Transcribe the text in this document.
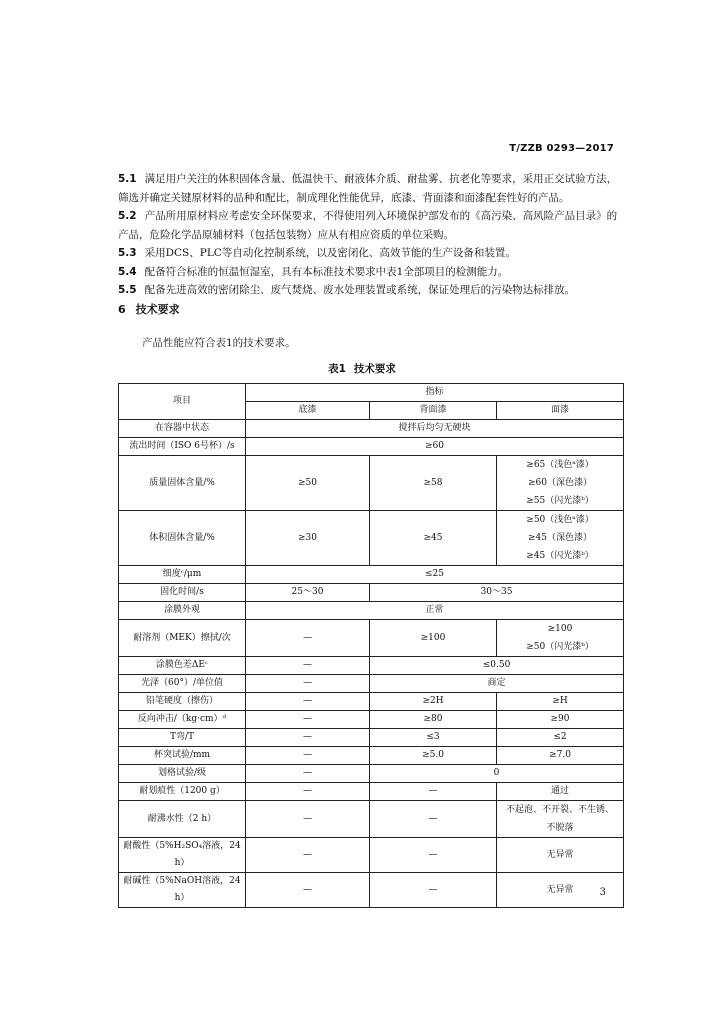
T/ZZB 0293—2017

5.1 满足用户关注的体积固体含量、低温快干、耐液体介质、耐盐雾、抗老化等要求，采用正交试验方法，筛选并确定关键原材料的品种和配比，制成理化性能优异，底漆、背面漆和面漆配套性好的产品。

5.2 产品所用原材料应考虑安全环保要求，不得使用列入环境保护部发布的《高污染、高风险产品目录》的产品，危险化学品原辅材料（包括包装物）应从有相应资质的单位采购。

5.3 采用DCS、PLC等自动化控制系统，以及密闭化、高效节能的生产设备和装置。

5.4 配备符合标准的恒温恒湿室，具有本标准技术要求中表1全部项目的检测能力。

5.5 配备先进高效的密闭除尘、废气焚烧、废水处理装置或系统，保证处理后的污染物达标排放。

6 技术要求
产品性能应符合表1的技术要求。
表1 技术要求
项目	指标		
	底漆	背面漆	面漆
在容器中状态	搅拌后均匀无硬块		
流出时间（ISO 6号杯）/s	≥60		
质量固体含量/%	≥50	≥58	≥65（浅色ᵃ漆）
≥60（深色漆）
≥55（闪光漆ᵇ）

体积固体含量/%	≥30	≥45	≥50（浅色ᵃ漆）
≥45（深色漆）
≥45（闪光漆ᵇ）

细度ᶜ/μm	≤25		
固化时间/s	25～30	30～35	
涂膜外观	正常		
耐溶剂（MEK）擦拭/次	—	≥100	≥100
≥50（闪光漆ᵇ）

涂膜色差ΔEᶜ	—	≤0.50	
光泽（60°）/单位值	—	商定	
铅笔硬度（擦伤）	—	≥2H	≥H
反向冲击/（kg·cm）ᵈ	—	≥80	≥90
T弯/T	—	≤3	≤2
杯突试验/mm	—	≥5.0	≥7.0
划格试验/级	—	0	
耐划痕性（1200 g）	—	—	通过
耐沸水性（2 h）	—	—	不起泡、不开裂、不生锈、
不脱落

耐酸性（5%H₂SO₄溶液，24 h）	—	—	无异常
耐碱性（5%NaOH溶液，24 h）	—	—	无异常	3
